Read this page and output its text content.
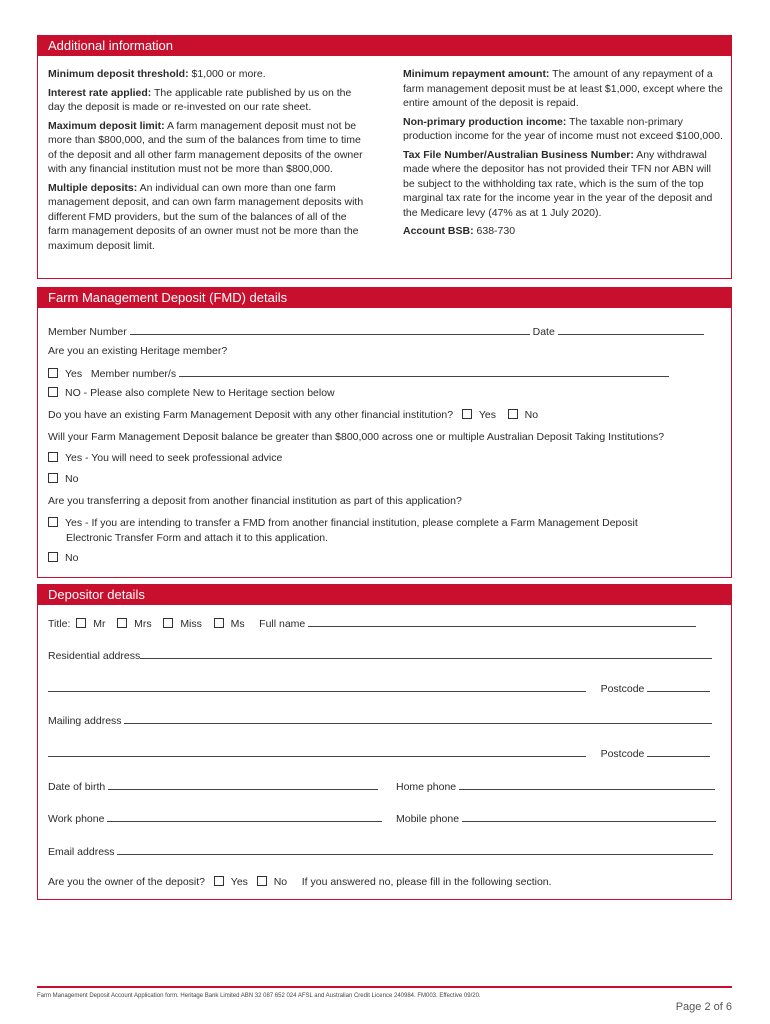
Additional information

Minimum deposit threshold: $1,000 or more.

Interest rate applied: The applicable rate published by us on the day the deposit is made or re-invested on our rate sheet.

Maximum deposit limit: A farm management deposit must not be more than $800,000, and the sum of the balances from time to time of the deposit and all other farm management deposits of the owner with any financial institution must not be more than $800,000.

Multiple deposits: An individual can own more than one farm management deposit, and can own farm management deposits with different FMD providers, but the sum of the balances of all of the farm management deposits of an owner must not be more than the maximum deposit limit.

Minimum repayment amount: The amount of any repayment of a farm management deposit must be at least $1,000, except where the entire amount of the deposit is repaid.

Non-primary production income: The taxable non-primary production income for the year of income must not exceed $100,000.

Tax File Number/Australian Business Number: Any withdrawal made where the depositor has not provided their TFN nor ABN will be subject to the withholding tax rate, which is the sum of the top marginal tax rate for the income year in the year of the deposit and the Medicare levy (47% as at 1 July 2020).

Account BSB: 638-730

Farm Management Deposit (FMD) details
Member Number	Date
Are you an existing Heritage member?
Yes Member number/s
NO - Please also complete New to Heritage section below
Do you have an existing Farm Management Deposit with any other financial institution? Yes	No
Will your Farm Management Deposit balance be greater than $800,000 across one or multiple Australian Deposit Taking Institutions?
Yes - You will need to seek professional advice
No
Are you transferring a deposit from another financial institution as part of this application?
Yes - If you are intending to transfer a FMD from another financial institution, please complete a Farm Management Deposit
Electronic Transfer Form and attach it to this application.
No
Depositor details
Title: Mr	Mrs	Miss	Ms Full name
Residential address
Postcode
Mailing address
Postcode
Date of birth	Home phone
Work phone	Mobile phone
Email address
Are you the owner of the deposit? Yes No If you answered no, please fill in the following section.
Farm Management Deposit Account Application form. Heritage Bank Limited ABN 32 087 652 024 AFSL and Australian Credit Licence 240984. FM003. Effective 09/20.
Page 2 of 6
